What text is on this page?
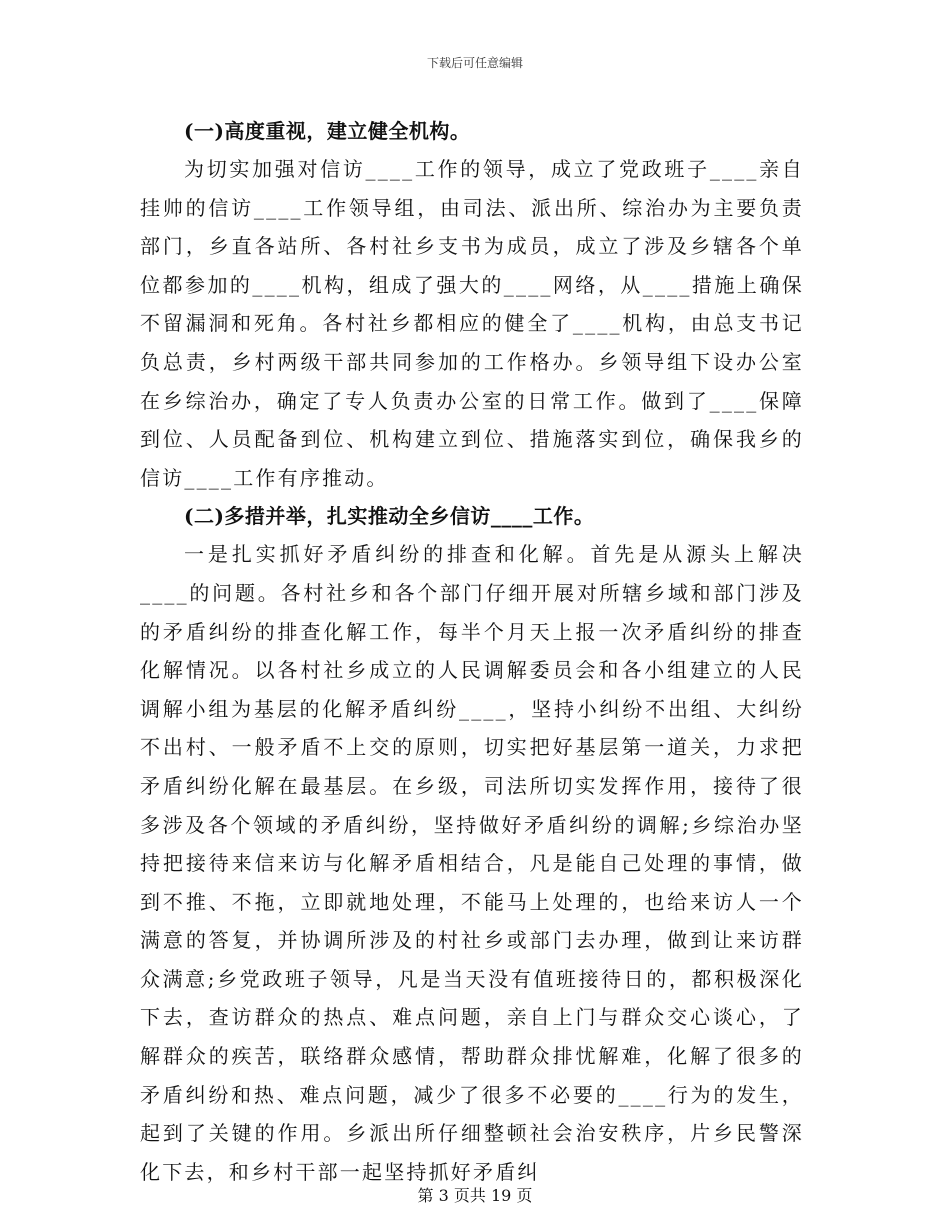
下载后可任意编辑

(一)高度重视，建立健全机构。

为切实加强对信访____工作的领导，成立了党政班子____亲自挂帅的信访____工作领导组，由司法、派出所、综治办为主要负责部门，乡直各站所、各村社乡支书为成员，成立了涉及乡辖各个单位都参加的____机构，组成了强大的____网络，从____措施上确保不留漏洞和死角。各村社乡都相应的健全了____机构，由总支书记负总责，乡村两级干部共同参加的工作格办。乡领导组下设办公室在乡综治办，确定了专人负责办公室的日常工作。做到了____保障到位、人员配备到位、机构建立到位、措施落实到位，确保我乡的信访____工作有序推动。

(二)多措并举，扎实推动全乡信访____工作。

一是扎实抓好矛盾纠纷的排查和化解。首先是从源头上解决____的问题。各村社乡和各个部门仔细开展对所辖乡域和部门涉及的矛盾纠纷的排查化解工作，每半个月天上报一次矛盾纠纷的排查化解情况。以各村社乡成立的人民调解委员会和各小组建立的人民调解小组为基层的化解矛盾纠纷____，坚持小纠纷不出组、大纠纷不出村、一般矛盾不上交的原则，切实把好基层第一道关，力求把矛盾纠纷化解在最基层。在乡级，司法所切实发挥作用，接待了很多涉及各个领域的矛盾纠纷，坚持做好矛盾纠纷的调解;乡综治办坚持把接待来信来访与化解矛盾相结合，凡是能自己处理的事情，做到不推、不拖，立即就地处理，不能马上处理的，也给来访人一个满意的答复，并协调所涉及的村社乡或部门去办理，做到让来访群众满意;乡党政班子领导，凡是当天没有值班接待日的，都积极深化下去，查访群众的热点、难点问题，亲自上门与群众交心谈心，了解群众的疾苦，联络群众感情，帮助群众排忧解难，化解了很多的矛盾纠纷和热、难点问题，减少了很多不必要的____行为的发生，起到了关键的作用。乡派出所仔细整顿社会治安秩序，片乡民警深化下去，和乡村干部一起坚持抓好矛盾纠

第 3 页共 19 页
